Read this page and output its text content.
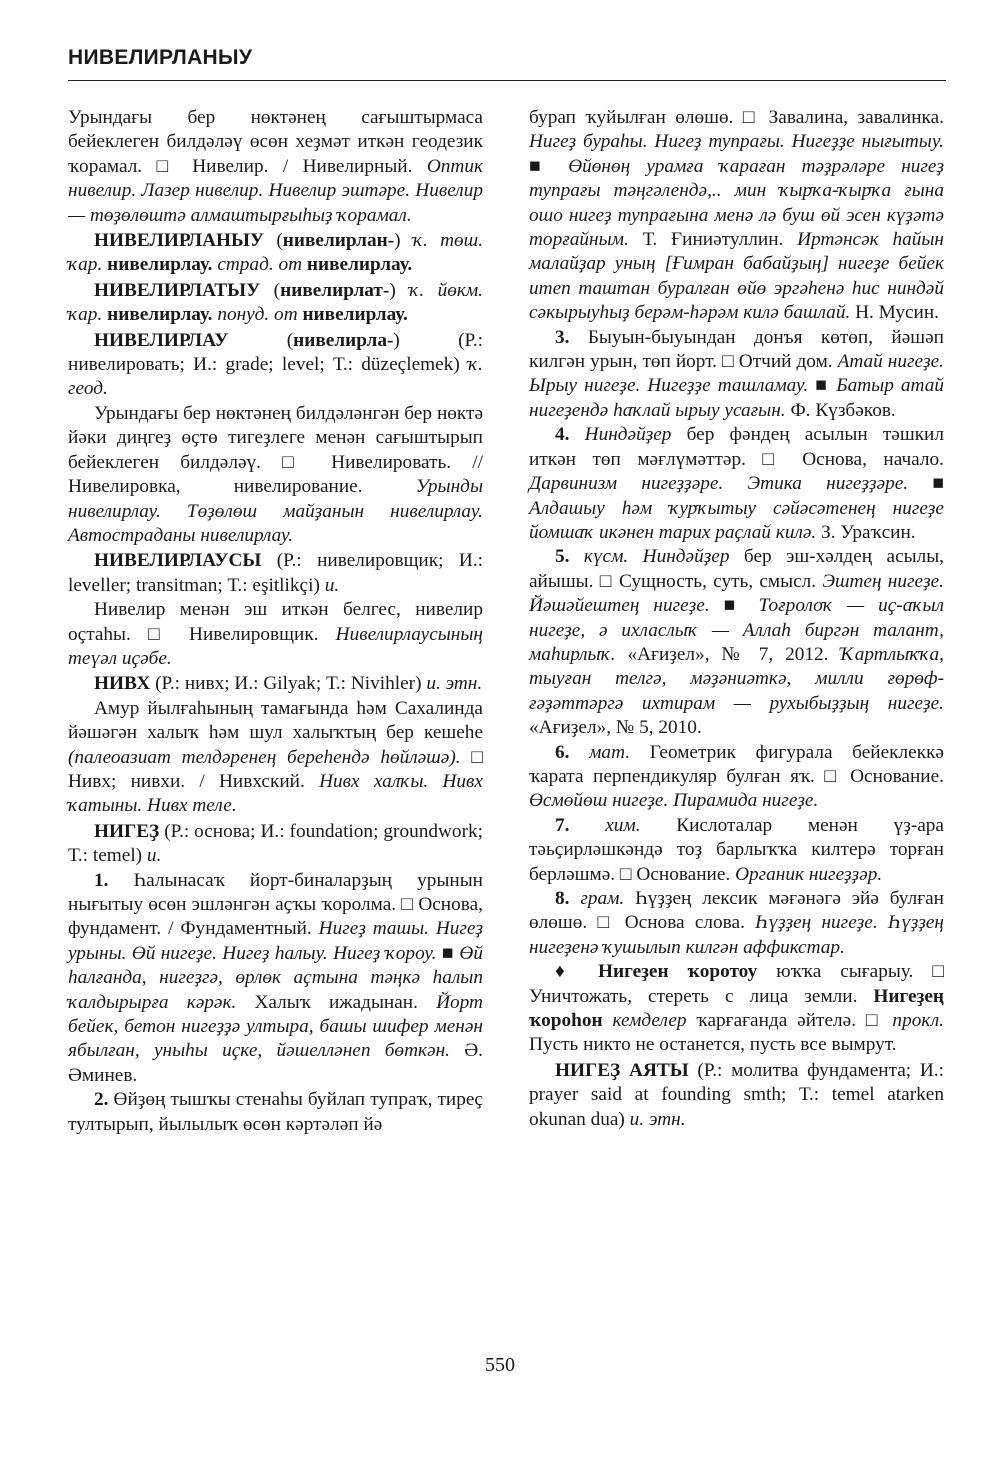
НИВЕЛИРЛАНЫУ

Урындағы бер нөктәнең сағыштырмаса бейеклеген билдәләү өсөн хеҙмәт иткән геодезик ҡорамал. □ Нивелир. / Нивелирный. Оптик нивелир. Лазер нивелир. Нивелир эштәре. Нивелир — төҙөлөштә алмаштырғыһыҙ ҡорамал.

НИВЕЛИРЛАНЫУ (нивелирлан-) ҡ. төш. ҡар. нивелирлау. страд. от нивелирлау.

НИВЕЛИРЛАТЫУ (нивелирлат-) ҡ. йөкм. ҡар. нивелирлау. понуд. от нивелирлау.

НИВЕЛИРЛАУ (нивелирла-) (Р.: нивелировать; И.: grade; level; Т.: düzeçlemek) ҡ. геод.

Урындағы бер нөктәнең билдәләнгән бер нөктә йәки диңгеҙ өҫтө тигеҙлеге менән сағыштырып бейеклеген билдәләү. □ Нивелировать. // Нивелировка, нивелирование. Урынды нивелирлау. Төҙөлөш майҙанын нивелирлау. Автостраданы нивелирлау.

НИВЕЛИРЛАУСЫ (Р.: нивелировщик; И.: leveller; transitman; Т.: eşitlikçi) и.

Нивелир менән эш иткән белгес, нивелир оҫтаһы. □ Нивелировщик. Нивелирлаусының теүәл иҫәбе.

НИВХ (Р.: нивх; И.: Gilyak; Т.: Nivihler) и. этн.

Амур йылғаһының тамағында һәм Сахалинда йәшәгән халыҡ һәм шул халыҡтың бер кешеһе (палеоазиат телдәренең береһендә һөйләшә). □ Нивх; нивхи. / Нивхский. Нивх халҡы. Нивх ҡатыны. Нивх теле.

НИГЕҘ (Р.: основа; И.: foundation; groundwork; Т.: temel) и.

1. Һалынасаҡ йорт-биналарҙың урынын нығытыу өсөн эшләнгән аҫҡы ҡоролма. □ Основа, фундамент. / Фундаментный. Нигеҙ ташы. Нигеҙ урыны. Өй нигеҙе. Нигеҙ һалыу. Нигеҙ ҡороу. ■ Өй һалғанда, нигеҙгә, өрлөк аҫтына тәңкә һалып ҡалдырырға кәрәк. Халыҡ ижадынан. Йорт бейек, бетон нигеҙҙә ултыра, башы шифер менән ябылған, уныһы иҫке, йәшелләнеп бөткән. Ә. Әминев.

2. Өйҙөң тышҡы стенаһы буйлап тупраҡ, тиреҫ тултырып, йылылыҡ өсөн кәртәләп йә

бурап ҡуйылған өлөшө. □ Завалина, завалинка. Нигеҙ бураһы. Нигеҙ тупрағы. Нигеҙҙе нығытыу. ■ Өйөнөң урамға ҡараған тәҙрәләре нигеҙ тупрағы тәңгәлендә,.. мин ҡырҡа-ҡырҡа ғына ошо нигеҙ тупрағына менә лә буш өй эсен күҙәтә торғайным. Т. Ғиниәтуллин. Иртәнсәк һайын малайҙар уның [Ғимран бабайҙың] нигеҙе бейек итеп таштан буралған өйө эргәһенә һис ниндәй сәкырыуһыҙ берәм-һәрәм килә башлай. Н. Мусин.

3. Быуын-быуындан донъя көтөп, йәшәп килгән урын, төп йорт. □ Отчий дом. Атай нигеҙе. Ырыу нигеҙе. Нигеҙҙе ташламау. ■ Батыр атай нигеҙендә һаҡлай ырыу усағын. Ф. Күзбәков.

4. Ниндәйҙер бер фәндең асылын тәшкил иткән төп мәғлүмәттәр. □ Основа, начало. Дарвинизм нигеҙҙәре. Этика нигеҙҙәре. ■ Алдашыу һәм ҡурҡытыу сәйәсәтенең нигеҙе йомшаҡ икәнен тарих раҫлай килә. З. Ураҡсин.

5. күсм. Ниндәйҙер бер эш-хәлдең асылы, айышы. □ Сущность, суть, смысл. Эштең нигеҙе. Йәшәйештең нигеҙе. ■ Тоғролоҡ — иҫ-аҡыл нигеҙе, ә ихласлыҡ — Аллаһ биргән талант, маһирлыҡ. «Ағиҙел», № 7, 2012. Ҡартлыҡҡа, тыуған телгә, мәҙәниәткә, милли ғөрөф-ғәҙәттәргә ихтирам — рухыбыҙҙың нигеҙе. «Ағиҙел», № 5, 2010.

6. мат. Геометрик фигурала бейеклеккә ҡарата перпендикуляр булған яҡ. □ Основание. Өсмөйөш нигеҙе. Пирамида нигеҙе.

7. хим. Кислоталар менән үҙ-ара тәьҫирләшкәндә тоҙ барлыҡҡа килтерә торған берләшмә. □ Основание. Органик нигеҙҙәр.

8. грам. Һүҙҙең лексик мәғәнәгә эйә булған өлөшө. □ Основа слова. Һүҙҙең нигеҙе. Һүҙҙең нигеҙенә ҡушылып килгән аффикстар.

♦ Нигеҙен ҡоротоу юҡҡа сығарыу. □ Уничтожать, стереть с лица земли. Нигеҙең ҡороһон кемделер ҡарғағанда әйтелә. □ прокл. Пусть никто не останется, пусть все вымрут.

НИГЕҘ АЯТЫ (Р.: молитва фундамента; И.: prayer said at founding smth; Т.: temel atarken okunan dua) и. этн.

550
